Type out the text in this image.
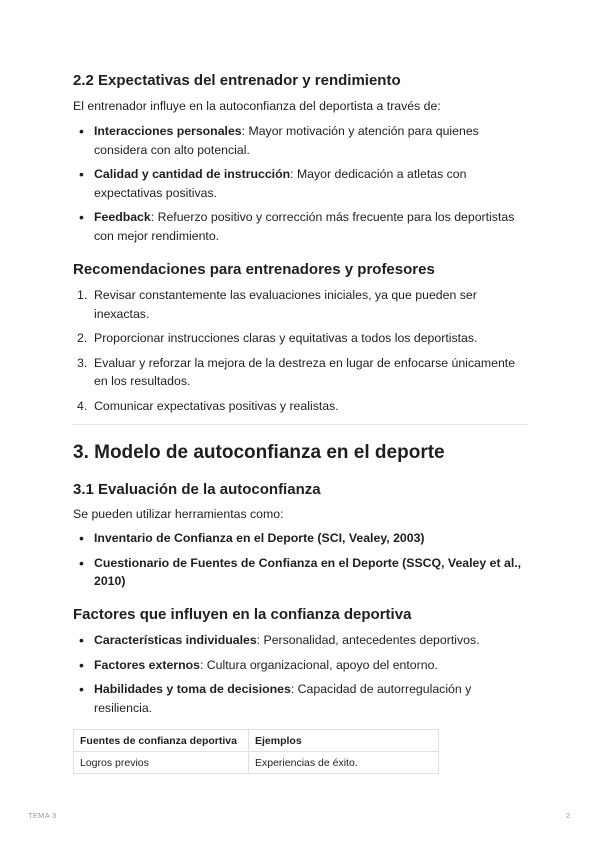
2.2 Expectativas del entrenador y rendimiento

El entrenador influye en la autoconfianza del deportista a través de:

• Interacciones personales: Mayor motivación y atención para quienes considera con alto potencial.
• Calidad y cantidad de instrucción: Mayor dedicación a atletas con expectativas positivas.
• Feedback: Refuerzo positivo y corrección más frecuente para los deportistas con mejor rendimiento.
Recomendaciones para entrenadores y profesores
1. Revisar constantemente las evaluaciones iniciales, ya que pueden ser inexactas.
2. Proporcionar instrucciones claras y equitativas a todos los deportistas.
3. Evaluar y reforzar la mejora de la destreza en lugar de enfocarse únicamente en los resultados.
4. Comunicar expectativas positivas y realistas.
3. Modelo de autoconfianza en el deporte
3.1 Evaluación de la autoconfianza

Se pueden utilizar herramientas como:

• Inventario de Confianza en el Deporte (SCI, Vealey, 2003)
• Cuestionario de Fuentes de Confianza en el Deporte (SSCQ, Vealey et al., 2010)
Factores que influyen en la confianza deportiva
• Características individuales: Personalidad, antecedentes deportivos.
• Factores externos: Cultura organizacional, apoyo del entorno.
• Habilidades y toma de decisiones: Capacidad de autorregulación y resiliencia.
Fuentes de confianza deportiva	Ejemplos
Logros previos	Experiencias de éxito.
TEMA 3	2
